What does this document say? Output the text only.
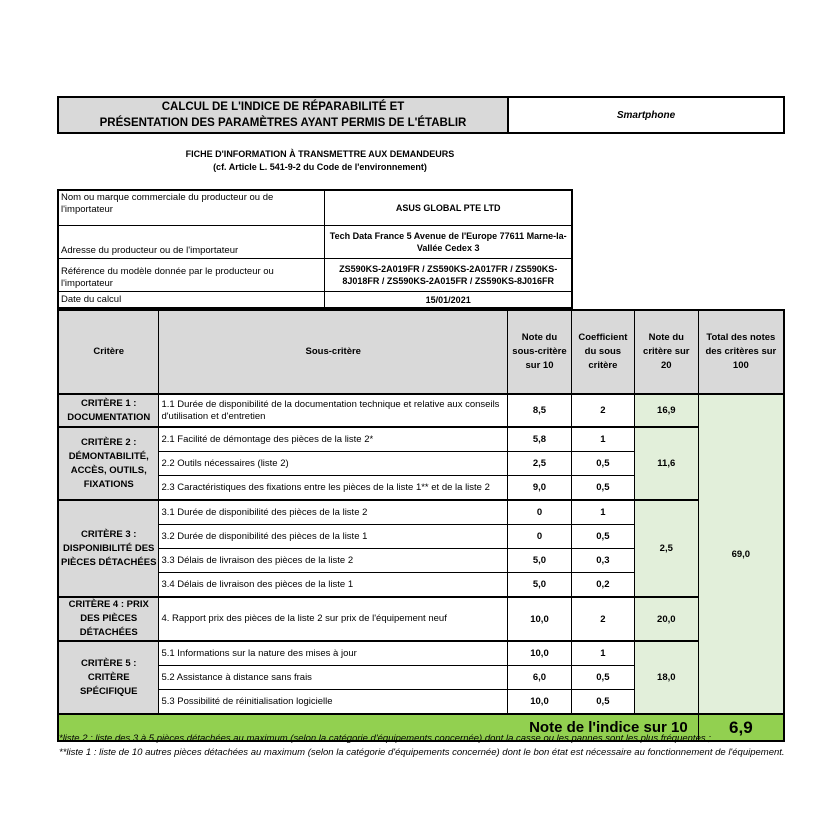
CALCUL DE L'INDICE DE RÉPARABILITÉ ET
PRÉSENTATION DES PARAMÈTRES AYANT PERMIS DE L'ÉTABLIR
Smartphone
FICHE D'INFORMATION À TRANSMETTRE AUX DEMANDEURS
(cf. Article L. 541-9-2 du Code de l'environnement)
Nom ou marque commerciale du producteur ou de l'importateur	ASUS GLOBAL PTE LTD
Adresse du producteur ou de l'importateur	Tech Data France 5 Avenue de l'Europe 77611 Marne-la-Vallée Cedex 3
Référence du modèle donnée par le producteur ou l'importateur	ZS590KS-2A019FR / ZS590KS-2A017FR / ZS590KS-8J018FR / ZS590KS-2A015FR / ZS590KS-8J016FR
Date du calcul	15/01/2021
Critère	Sous-critère	Note du sous-critère sur 10	Coefficient du sous critère	Note du critère sur 20	Total des notes des critères sur 100
CRITÈRE 1 : DOCUMENTATION	1.1 Durée de disponibilité de la documentation technique et relative aux conseils d'utilisation et d'entretien	8,5	2	16,9	69,0
CRITÈRE 2 : DÉMONTABILITÉ, ACCÈS, OUTILS, FIXATIONS	2.1 Facilité de démontage des pièces de la liste 2*	5,8	1	11,6	
	2.2 Outils nécessaires (liste 2)	2,5	0,5		
	2.3 Caractéristiques des fixations entre les pièces de la liste 1** et de la liste 2	9,0	0,5		
CRITÈRE 3 : DISPONIBILITÉ DES PIÈCES DÉTACHÉES	3.1 Durée de disponibilité des pièces de la liste 2	0	1	2,5	
	3.2 Durée de disponibilité des pièces de la liste 1	0	0,5		
	3.3 Délais de livraison des pièces de la liste 2	5,0	0,3		
	3.4 Délais de livraison des pièces de la liste 1	5,0	0,2		
CRITÈRE 4 : PRIX DES PIÈCES DÉTACHÉES	4. Rapport prix des pièces de la liste 2 sur prix de l'équipement neuf	10,0	2	20,0	
CRITÈRE 5 : CRITÈRE SPÉCIFIQUE	5.1 Informations sur la nature des mises à jour	10,0	1	18,0	
	5.2 Assistance à distance sans frais	6,0	0,5		
	5.3 Possibilité de réinitialisation logicielle	10,0	0,5		
Note de l'indice sur 10					6,9
*liste 2 : liste des 3 à 5 pièces détachées au maximum (selon la catégorie d'équipements concernée) dont la casse ou les pannes sont les plus fréquentes ;
**liste 1 : liste de 10 autres pièces détachées au maximum (selon la catégorie d'équipements concernée) dont le bon état est nécessaire au fonctionnement de l'équipement.
